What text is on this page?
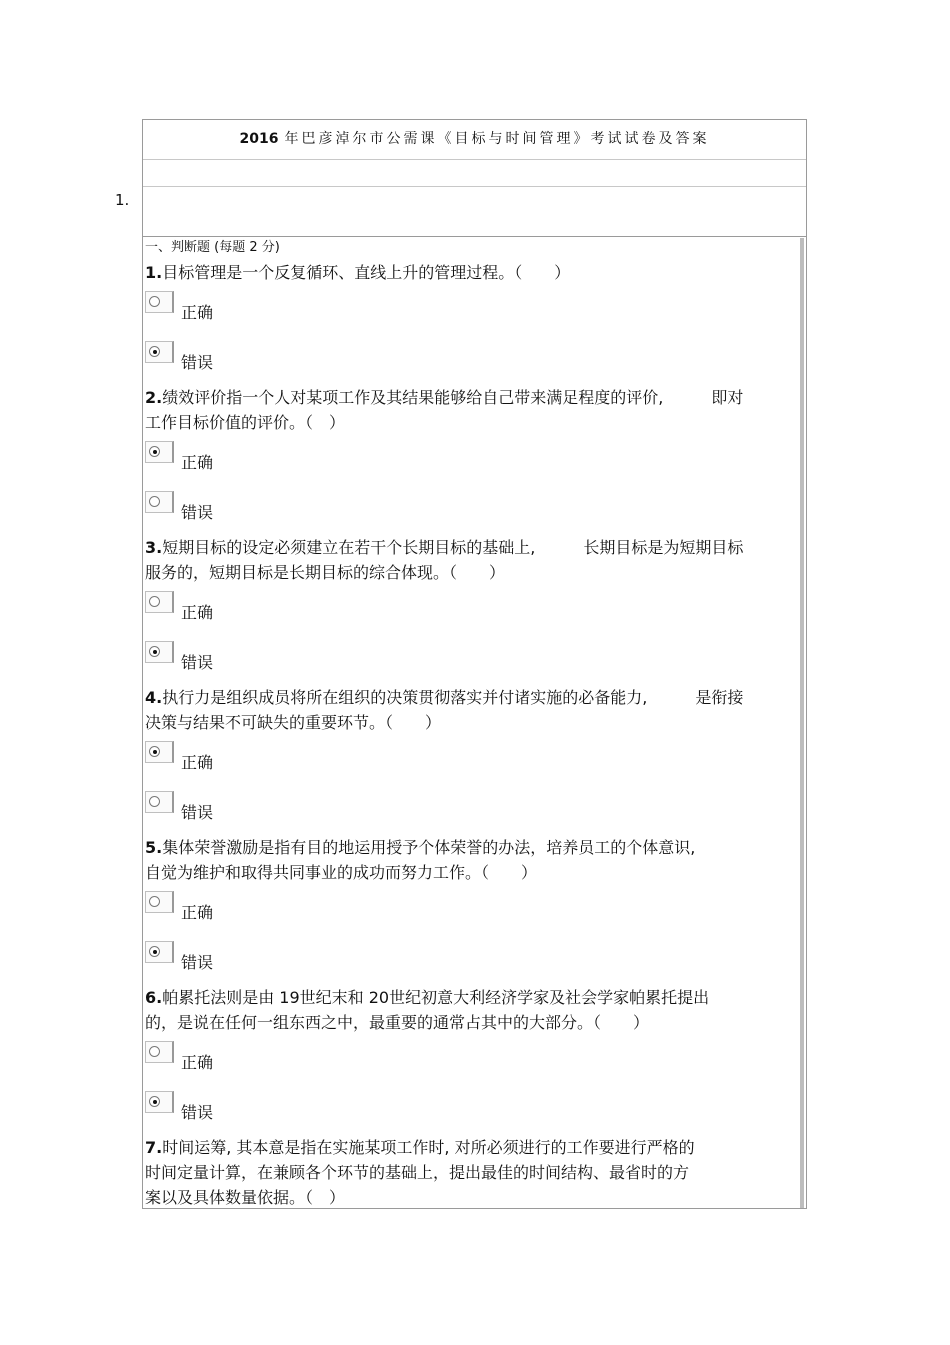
1.
2016 年巴彦淖尔市公需课《目标与时间管理》考试试卷及答案
一、判断题 (每题 2 分)
1.目标管理是一个反复循环、直线上升的管理过程。（　　）
正确
错误
2.绩效评价指一个人对某项工作及其结果能够给自己带来满足程度的评价,	即对
工作目标价值的评价。（　）
正确
错误
3.短期目标的设定必须建立在若干个长期目标的基础上,	长期目标是为短期目标
服务的，短期目标是长期目标的综合体现。（　　）
正确
错误
4.执行力是组织成员将所在组织的决策贯彻落实并付诸实施的必备能力,	是衔接
决策与结果不可缺失的重要环节。（　　）
正确
错误
5.集体荣誉激励是指有目的地运用授予个体荣誉的办法，培养员工的个体意识,
自觉为维护和取得共同事业的成功而努力工作。（　　）
正确
错误
6.帕累托法则是由 19世纪末和 20世纪初意大利经济学家及社会学家帕累托提出
的，是说在任何一组东西之中，最重要的通常占其中的大部分。（　　）
正确
错误
7.时间运筹, 其本意是指在实施某项工作时, 对所必须进行的工作要进行严格的
时间定量计算，在兼顾各个环节的基础上，提出最佳的时间结构、最省时的方
案以及具体数量依据。（　）
